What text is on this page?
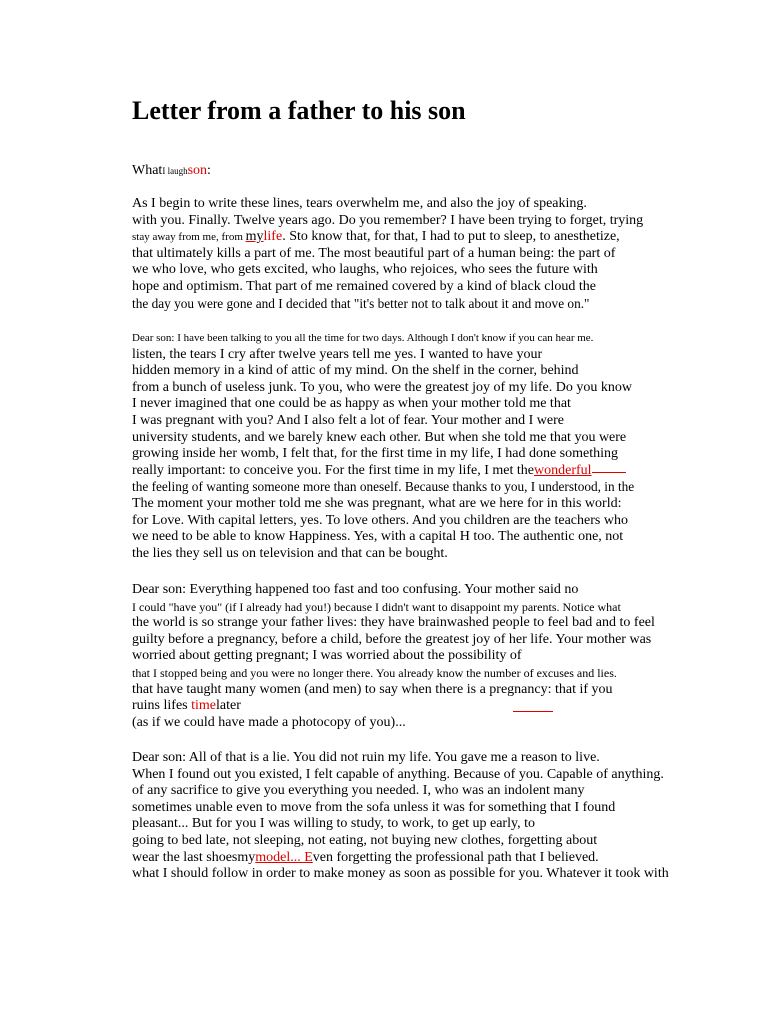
Letter from a father to his son
WhatI laughson:
As I begin to write these lines, tears overwhelm me, and also the joy of speaking.
with you. Finally. Twelve years ago. Do you remember? I have been trying to forget, trying
stay away from me, from mylife. Sto know that, for that, I had to put to sleep, to anesthetize,
that ultimately kills a part of me. The most beautiful part of a human being: the part of
we who love, who gets excited, who laughs, who rejoices, who sees the future with
hope and optimism. That part of me remained covered by a kind of black cloud the
the day you were gone and I decided that "it's better not to talk about it and move on."
Dear son: I have been talking to you all the time for two days. Although I don't know if you can hear me.
listen, the tears I cry after twelve years tell me yes. I wanted to have your
hidden memory in a kind of attic of my mind. On the shelf in the corner, behind
from a bunch of useless junk. To you, who were the greatest joy of my life. Do you know
I never imagined that one could be as happy as when your mother told me that
I was pregnant with you? And I also felt a lot of fear. Your mother and I were
university students, and we barely knew each other. But when she told me that you were
growing inside her womb, I felt that, for the first time in my life, I had done something
really important: to conceive you. For the first time in my life, I met thewonderful
the feeling of wanting someone more than oneself. Because thanks to you, I understood, in the
The moment your mother told me she was pregnant, what are we here for in this world:
for Love. With capital letters, yes. To love others. And you children are the teachers who
we need to be able to know Happiness. Yes, with a capital H too. The authentic one, not
the lies they sell us on television and that can be bought.
Dear son: Everything happened too fast and too confusing. Your mother said no
I could "have you" (if I already had you!) because I didn't want to disappoint my parents. Notice what
the world is so strange your father lives: they have brainwashed people to feel bad and to feel
guilty before a pregnancy, before a child, before the greatest joy of her life. Your mother was
worried about getting pregnant; I was worried about the possibility of
that I stopped being and you were no longer there. You already know the number of excuses and lies.
that have taught many women (and men) to say when there is a pregnancy: that if you
ruins lifes timelater
(as if we could have made a photocopy of you)...
Dear son: All of that is a lie. You did not ruin my life. You gave me a reason to live.
When I found out you existed, I felt capable of anything. Because of you. Capable of anything.
of any sacrifice to give you everything you needed. I, who was an indolent many
sometimes unable even to move from the sofa unless it was for something that I found
pleasant... But for you I was willing to study, to work, to get up early, to
going to bed late, not sleeping, not eating, not buying new clothes, forgetting about
wear the last shoesmymodel... Even forgetting the professional path that I believed.
what I should follow in order to make money as soon as possible for you. Whatever it took with
